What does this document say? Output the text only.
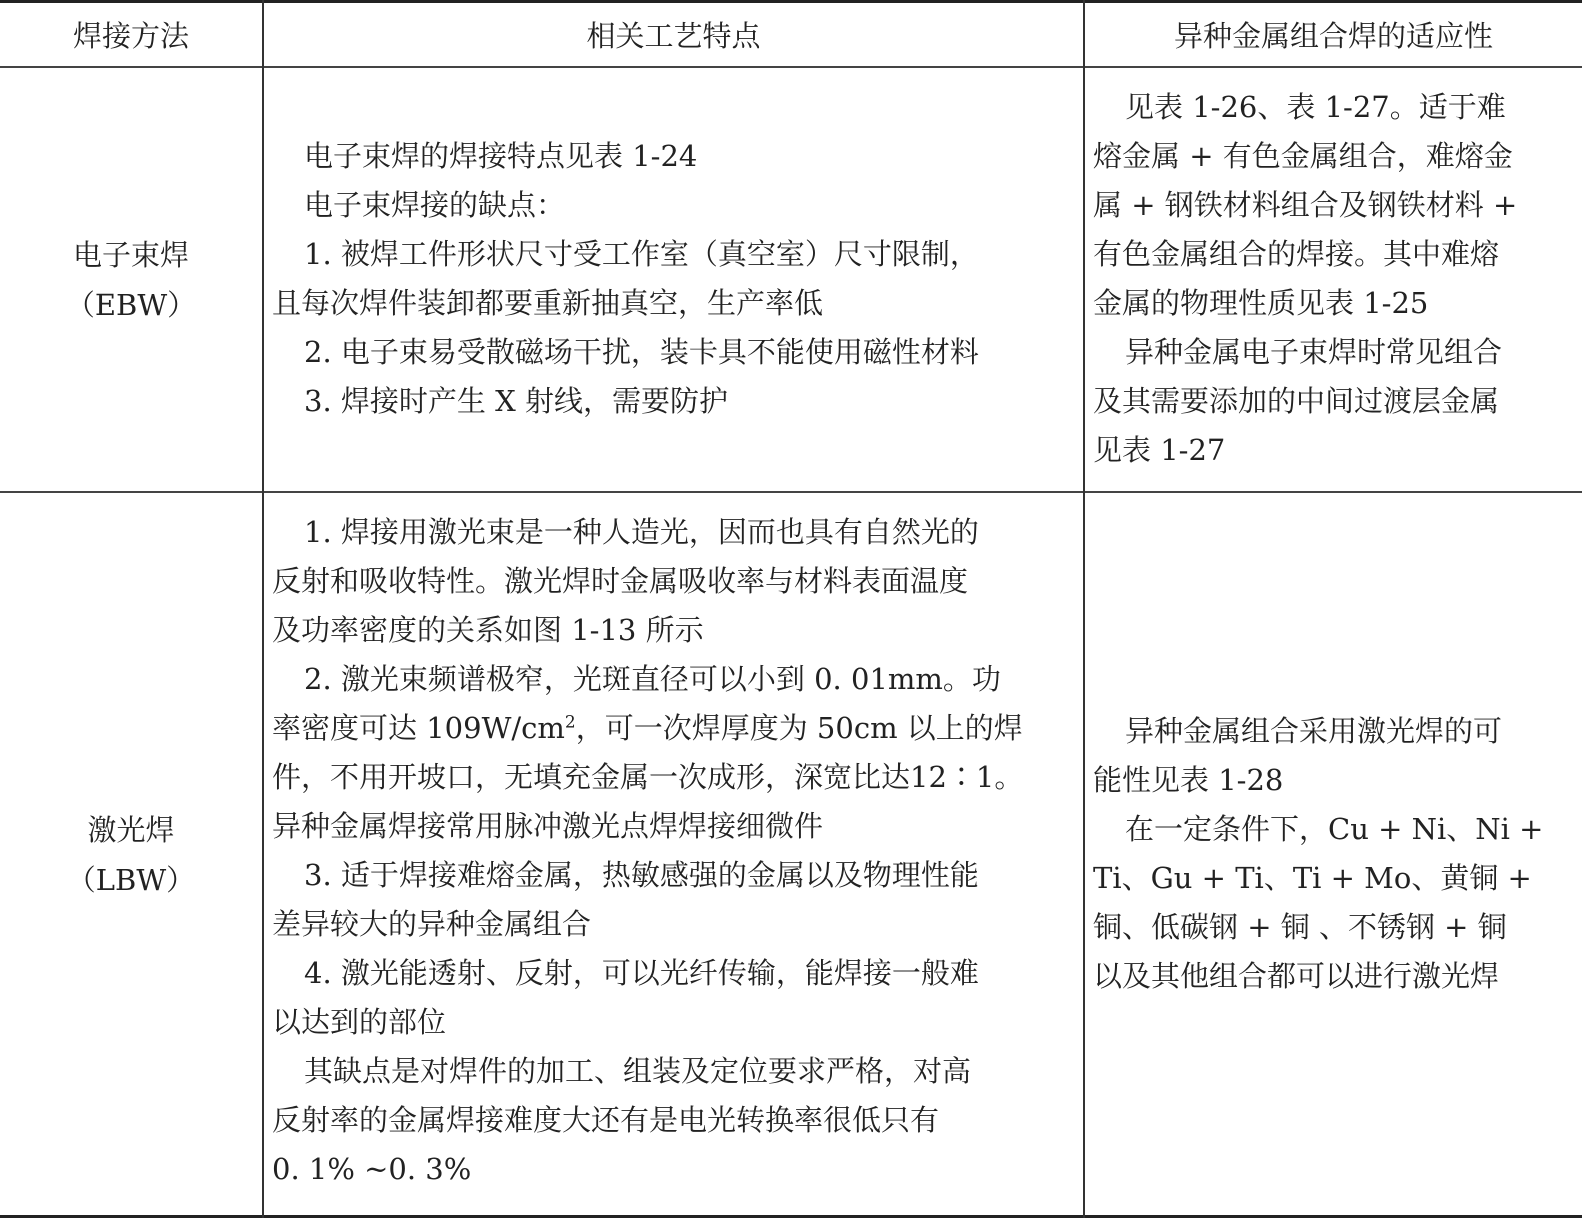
焊接方法	相关工艺特点	异种金属组合焊的适应性
电子束焊
（EBW）
电子束焊的焊接特点见表 1-24
电子束焊接的缺点：
1. 被焊工件形状尺寸受工作室（真空室）尺寸限制，
且每次焊件装卸都要重新抽真空，生产率低
2. 电子束易受散磁场干扰，装卡具不能使用磁性材料
3. 焊接时产生 X 射线，需要防护
见表 1-26、表 1-27。适于难
熔金属 + 有色金属组合，难熔金
属 + 钢铁材料组合及钢铁材料 +
有色金属组合的焊接。其中难熔
金属的物理性质见表 1-25
异种金属电子束焊时常见组合
及其需要添加的中间过渡层金属
见表 1-27
激光焊
（LBW）
1. 焊接用激光束是一种人造光，因而也具有自然光的
反射和吸收特性。激光焊时金属吸收率与材料表面温度
及功率密度的关系如图 1-13 所示
2. 激光束频谱极窄，光斑直径可以小到 0. 01mm。功
率密度可达 $109W/cm^2$，可一次焊厚度为 50cm 以上的焊
件，不用开坡口，无填充金属一次成形，深宽比达12∶1。
异种金属焊接常用脉冲激光点焊焊接细微件
3. 适于焊接难熔金属，热敏感强的金属以及物理性能
差异较大的异种金属组合
4. 激光能透射、反射，可以光纤传输，能焊接一般难
以达到的部位
其缺点是对焊件的加工、组装及定位要求严格，对高
反射率的金属焊接难度大还有是电光转换率很低只有
0. 1% ~0. 3%
异种金属组合采用激光焊的可
能性见表 1-28
在一定条件下，Cu + Ni、Ni +
Ti、Gu + Ti、Ti + Mo、黄铜 +
铜、低碳钢 + 铜 、不锈钢 + 铜
以及其他组合都可以进行激光焊
